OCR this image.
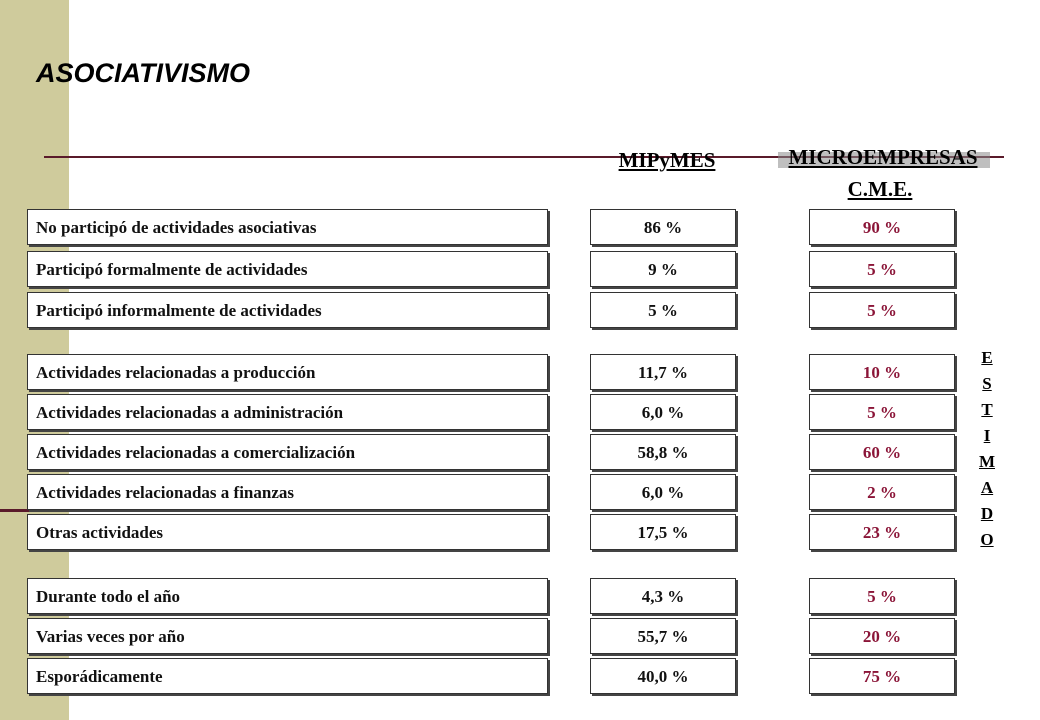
ASOCIATIVISMO
MIPyMES	MICROEMPRESAS
C.M.E.
No participó de actividades asociativas	86 %	90 %
Participó formalmente de actividades	9 %	5 %
Participó informalmente de actividades	5 %	5 %
Actividades relacionadas a producción	11,7 %	10 %
Actividades relacionadas a administración	6,0 %	5 %
Actividades relacionadas a comercialización	58,8 %	60 %
Actividades relacionadas a finanzas	6,0 %	2 %
Otras actividades	17,5 %	23 %
Durante todo el año	4,3 %	5 %
Varias veces por año	55,7 %	20 %
Esporádicamente	40,0 %	75 %
E
S
T
I
M
A
D
O
